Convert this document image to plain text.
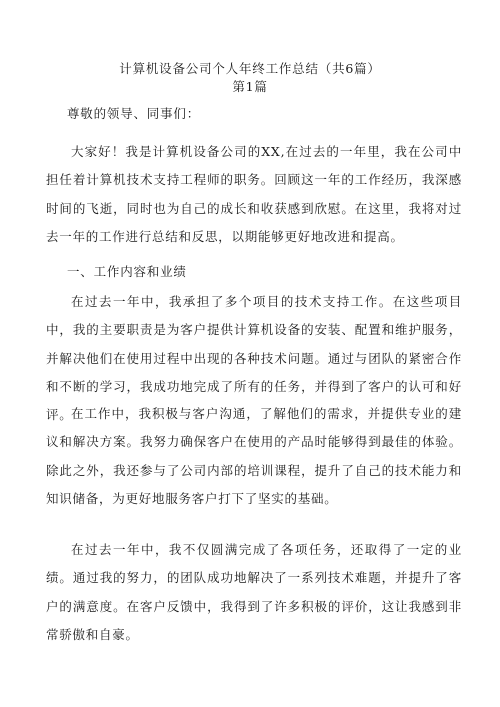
计算机设备公司个人年终工作总结（共6篇）
第1篇
尊敬的领导、同事们：

大家好！我是计算机设备公司的XX,在过去的一年里，我在公司中担任着计算机技术支持工程师的职务。回顾这一年的工作经历，我深感时间的飞逝，同时也为自己的成长和收获感到欣慰。在这里，我将对过去一年的工作进行总结和反思，以期能够更好地改进和提高。

一、工作内容和业绩

在过去一年中，我承担了多个项目的技术支持工作。在这些项目中，我的主要职责是为客户提供计算机设备的安装、配置和维护服务，并解决他们在使用过程中出现的各种技术问题。通过与团队的紧密合作和不断的学习，我成功地完成了所有的任务，并得到了客户的认可和好评。

在工作中，我积极与客户沟通，了解他们的需求，并提供专业的建议和解决方案。我努力确保客户在使用的产品时能够得到最佳的体验。除此之外，我还参与了公司内部的培训课程，提升了自己的技术能力和知识储备，为更好地服务客户打下了坚实的基础。

在过去一年中，我不仅圆满完成了各项任务，还取得了一定的业绩。通过我的努力，的团队成功地解决了一系列技术难题，并提升了客户的满意度。在客户反馈中，我得到了许多积极的评价，这让我感到非常骄傲和自豪。
